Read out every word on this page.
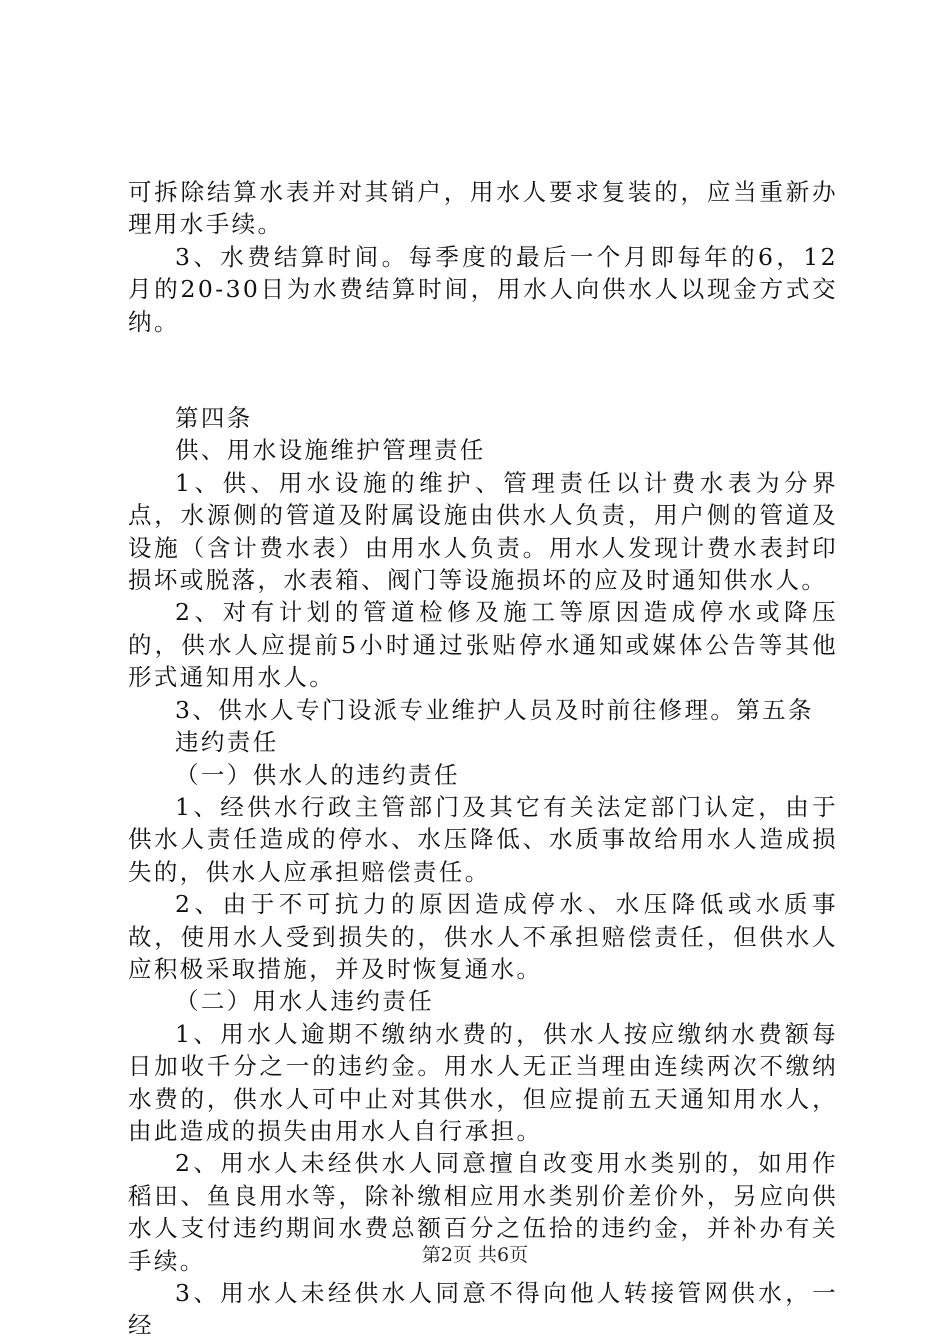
可拆除结算水表并对其销户，用水人要求复装的，应当重新办理用水手续。

3、水费结算时间。每季度的最后一个月即每年的6，12月的20-30日为水费结算时间，用水人向供水人以现金方式交纳。

第四条

供、用水设施维护管理责任

1、供、用水设施的维护、管理责任以计费水表为分界点，水源侧的管道及附属设施由供水人负责，用户侧的管道及设施（含计费水表）由用水人负责。用水人发现计费水表封印损坏或脱落，水表箱、阀门等设施损坏的应及时通知供水人。

2、对有计划的管道检修及施工等原因造成停水或降压的，供水人应提前5小时通过张贴停水通知或媒体公告等其他形式通知用水人。

3、供水人专门设派专业维护人员及时前往修理。第五条

违约责任

（一）供水人的违约责任

1、经供水行政主管部门及其它有关法定部门认定，由于供水人责任造成的停水、水压降低、水质事故给用水人造成损失的，供水人应承担赔偿责任。

2、由于不可抗力的原因造成停水、水压降低或水质事故，使用水人受到损失的，供水人不承担赔偿责任，但供水人应积极采取措施，并及时恢复通水。

（二）用水人违约责任

1、用水人逾期不缴纳水费的，供水人按应缴纳水费额每日加收千分之一的违约金。用水人无正当理由连续两次不缴纳水费的，供水人可中止对其供水，但应提前五天通知用水人，由此造成的损失由用水人自行承担。

2、用水人未经供水人同意擅自改变用水类别的，如用作稻田、鱼良用水等，除补缴相应用水类别价差价外，另应向供水人支付违约期间水费总额百分之伍拾的违约金，并补办有关手续。

3、用水人未经供水人同意不得向他人转接管网供水，一经

第2页 共6页
